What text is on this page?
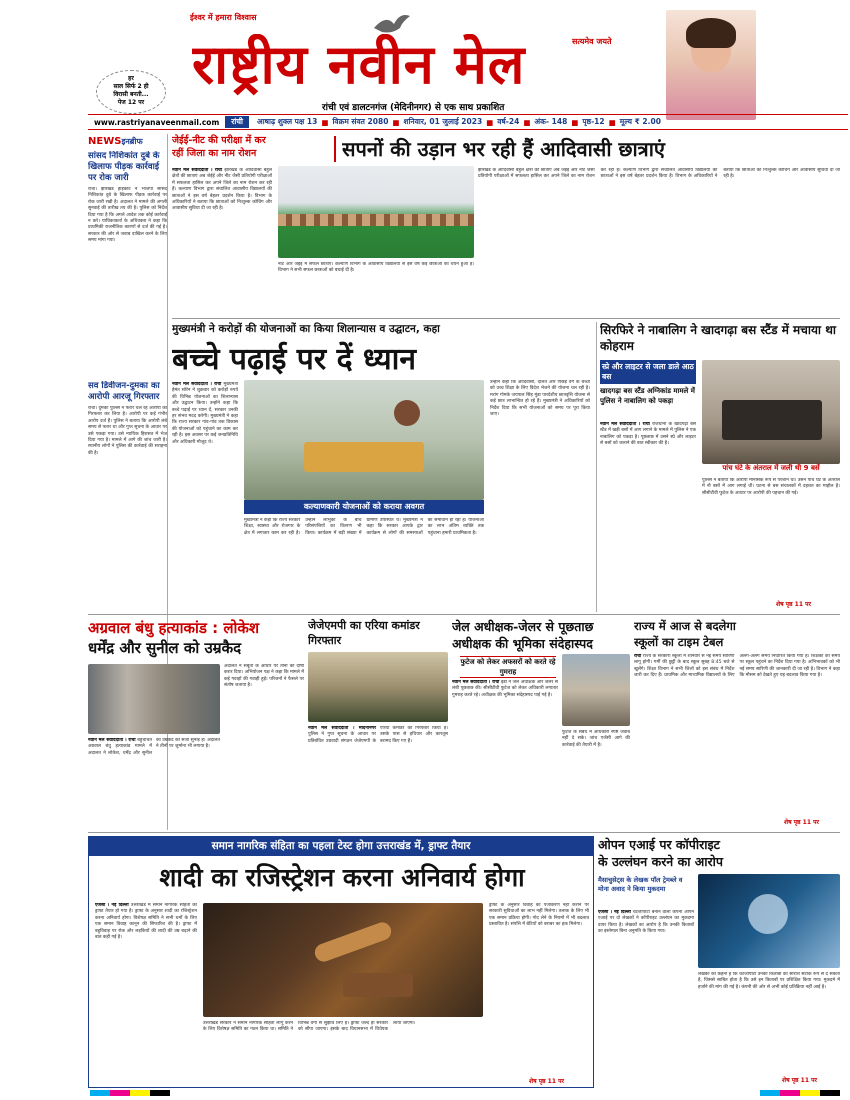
ईश्वर में हमारा विश्वास
हर
साल सिर्फ 2 ही
विरासी बनती...
पेज 12 पर
राष्ट्रीय नवीन मेल	सत्यमेव जयते
रांची एवं डालटनगंज (मेदिनीनगर) से एक साथ प्रकाशित
www.rastriyanaveenmail.com	रांची	आषाढ़ शुक्ल पक्ष 13 ■ विक्रम संवत 2080 ■ शनिवार, 01 जुलाई 2023 ■ वर्ष-24 ■ अंक- 148 ■ पृष्ठ-12 ■ मूल्य ₹ 2.00
NEWSइनब्रीफ
सांसद निशिकांत दुबे के खिलाफ पीड़क कार्रवाई पर रोक जारी
रांची। झारखंड हाईकोर्ट ने भाजपा सांसद निशिकांत दुबे के खिलाफ पीड़क कार्रवाई पर रोक जारी रखी है। अदालत ने मामले की अगली सुनवाई की तारीख तय की है। पुलिस को निर्देश दिया गया है कि अगले आदेश तक कोई कार्रवाई न करे। याचिकाकर्ता के अधिवक्ता ने कहा कि प्राथमिकी राजनीतिक कारणों से दर्ज की गई है। सरकार की ओर से जवाब दाखिल करने के लिए समय मांगा गया।
सव डिवीजन-दुमका का आरोपी आरजू गिरफ्तार
रांची। दुमका पुलिस ने फरार चल रहे आरोपी को गिरफ्तार कर लिया है। आरोपी पर कई गंभीर आरोप दर्ज हैं। पुलिस ने बताया कि आरोपी लंबे समय से फरार था और गुप्त सूचना के आधार पर उसे पकड़ा गया। उसे न्यायिक हिरासत में भेज दिया गया है। मामले में आगे की जांच जारी है। स्थानीय लोगों ने पुलिस की कार्रवाई की सराहना की है।
जेईई-नीट की परीक्षा में कर
रहीं जिला का नाम रोशन	सपनों की उड़ान भर रही हैं आदिवासी छात्राएं
नवीन मेल संवाददाता । रांची झारखंड के आदिवासी बहुल क्षेत्रों की छात्राएं अब जेईई और नीट जैसी प्रतियोगी परीक्षाओं में सफलता हासिल कर अपने जिले का नाम रोशन कर रही हैं। कल्याण विभाग द्वारा संचालित आवासीय विद्यालयों की छात्राओं ने इस वर्ष बेहतर प्रदर्शन किया है। विभाग के अधिकारियों ने बताया कि छात्राओं को निःशुल्क कोचिंग और आवासीय सुविधा दी जा रही है।
नीट और जेईई में सफल छात्राएं। कल्याण विभाग के आवासीय विद्यालयों से इस वर्ष कई छात्राओं का चयन हुआ है। विभाग ने सभी सफल छात्राओं को बधाई दी है।
झारखंड के आदिवासी बहुल क्षेत्रों की छात्राएं अब जेईई और नीट जैसी प्रतियोगी परीक्षाओं में सफलता हासिल कर अपने जिले का नाम रोशन कर रही हैं। कल्याण विभाग द्वारा संचालित आवासीय विद्यालयों की छात्राओं ने इस वर्ष बेहतर प्रदर्शन किया है। विभाग के अधिकारियों ने बताया कि छात्राओं को निःशुल्क कोचिंग और आवासीय सुविधा दी जा रही है।
मुख्यमंत्री ने करोड़ों की योजनाओं का किया शिलान्यास व उद्घाटन, कहा
बच्चे पढ़ाई पर दें ध्यान
नवीन मेल संवाददाता । रांची मुख्यमंत्री हेमंत सोरेन ने शुक्रवार को करोड़ों रुपये की विभिन्न योजनाओं का शिलान्यास और उद्घाटन किया। उन्होंने कहा कि बच्चे पढ़ाई पर ध्यान दें, सरकार उनकी हर संभव मदद करेगी। मुख्यमंत्री ने कहा कि राज्य सरकार गांव-गांव तक विकास की योजनाओं को पहुंचाने का काम कर रही है। इस अवसर पर कई जनप्रतिनिधि और अधिकारी मौजूद थे।
कल्याणकारी योजनाओं को कराया अवगत
मुख्यमंत्री ने कहा कि राज्य सरकार शिक्षा, स्वास्थ्य और रोजगार के क्षेत्र में लगातार काम कर रही है। उन्होंने लाभुकों के बीच परिसंपत्तियों का वितरण भी किया। कार्यक्रम में बड़ी संख्या में ग्रामीण उपस्थित थे। मुख्यमंत्री ने कहा कि सरकार आपके द्वार कार्यक्रम से लोगों की समस्याओं का समाधान हो रहा है। योजनाओं का लाभ अंतिम व्यक्ति तक पहुंचाना हमारी प्राथमिकता है।
उन्होंने कहा कि आदिवासी, दलित और पिछड़े वर्ग के बच्चों को उच्च शिक्षा के लिए विदेश भेजने की योजना चल रही है। मरांग गोमके जयपाल सिंह मुंडा पारदेशीय छात्रवृत्ति योजना से कई छात्र लाभान्वित हो रहे हैं। मुख्यमंत्री ने अधिकारियों को निर्देश दिया कि सभी योजनाओं को समय पर पूरा किया जाए।
सिरफिरे ने नाबालिग ने खादगढ़ा बस स्टैंड में मचाया था कोहराम
स्प्रे और लाइटर से जला डाले आठ बस
खादगढ़ा बस स्टैंड अग्निकांड मामले में पुलिस ने नाबालिग को पकड़ा
नवीन मेल संवाददाता । रांची राजधानी के खादगढ़ा बस स्टैंड में खड़ी बसों में आग लगाने के मामले में पुलिस ने एक नाबालिग को पकड़ा है। पूछताछ में उसने स्प्रे और लाइटर से बसों को जलाने की बात स्वीकार की है।
पांच घंटे के अंतराल में जली थी 9 बसें
पुलिस ने बताया कि आरोपी मानसिक रूप से परेशान था। उसने पांच घंटे के अंतराल में नौ बसों में आग लगाई थी। घटना से बस संचालकों में दहशत का माहौल है। सीसीटीवी फुटेज के आधार पर आरोपी की पहचान की गई।
शेष पृष्ठ 11 पर
अग्रवाल बंधु हत्याकांड : लोकेश
धर्मेंद्र और सुनील को उम्रकैद
नवीन मेल संवाददाता । रांची बहुचर्चित अग्रवाल बंधु हत्याकांड मामले में अदालत ने लोकेश, धर्मेंद्र और सुनील को उम्रकैद की सजा सुनाई है। अदालत ने तीनों पर जुर्माना भी लगाया है।
अदालत ने सबूतों के आधार पर तीनों को दोषी करार दिया। अभियोजन पक्ष ने कहा कि मामले में कई गवाहों की गवाही हुई। परिजनों ने फैसले पर संतोष जताया है।
जेजेएमपी का एरिया कमांडर गिरफ्तार
नवीन मेल संवाददाता । मेदिनीनगर पुलिस ने गुप्त सूचना के आधार पर प्रतिबंधित उग्रवादी संगठन जेजेएमपी के एरिया कमांडर को गिरफ्तार किया है। उसके पास से हथियार और कारतूस बरामद किए गए हैं।
जेल अधीक्षक-जेलर से पूछताछ
अधीक्षक की भूमिका संदेहास्पद
फुटेज को लेकर अफसरों को करते रहे गुमराह
नवीन मेल संवाददाता । रांची ईडी ने जेल अधीक्षक और जेलर से लंबी पूछताछ की। सीसीटीवी फुटेज को लेकर अधिकारी लगातार गुमराह करते रहे। अधीक्षक की भूमिका संदेहास्पद पाई गई है।
फुटेज के संबंध में अधिकारी स्पष्ट जवाब नहीं दे सके। जांच एजेंसी आगे की कार्रवाई की तैयारी में है।
राज्य में आज से बदलेगा
स्कूलों का टाइम टेबल
रांची राज्य के सरकारी स्कूलों में शनिवार से नई समय सारिणी लागू होगी। गर्मी की छुट्टी के बाद स्कूल सुबह 8:45 बजे से खुलेंगे। शिक्षा विभाग ने सभी जिलों को इस संबंध में निर्देश जारी कर दिए हैं। प्राथमिक और माध्यमिक विद्यालयों के लिए अलग-अलग समय निर्धारित किया गया है। शिक्षकों को समय पर स्कूल पहुंचने का निर्देश दिया गया है। अभिभावकों को भी नई समय सारिणी की जानकारी दी जा रही है। विभाग ने कहा कि मौसम को देखते हुए यह बदलाव किया गया है।
शेष पृष्ठ 11 पर
समान नागरिक संहिता का पहला टेस्ट होगा उत्तराखंड में, ड्राफ्ट तैयार
शादी का रजिस्ट्रेशन करना अनिवार्य होगा
एजेंसी । नई दिल्ली उत्तराखंड में समान नागरिक संहिता का ड्राफ्ट तैयार हो गया है। ड्राफ्ट के अनुसार शादी का रजिस्ट्रेशन करना अनिवार्य होगा। विशेषज्ञ समिति ने सभी धर्मों के लिए एक समान विवाह कानून की सिफारिश की है। ड्राफ्ट में बहुविवाह पर रोक और लड़कियों की शादी की उम्र बढ़ाने की बात कही गई है।
उत्तराखंड सरकार ने समान नागरिक संहिता लागू करने के लिए विशेषज्ञ समिति का गठन किया था। समिति ने विभिन्न वर्गों से सुझाव लिए हैं। ड्राफ्ट जल्द ही सरकार को सौंपा जाएगा। इसके बाद विधानसभा में विधेयक लाया जाएगा।
ड्राफ्ट के अनुसार विवाह का पंजीकरण नहीं कराने पर सरकारी सुविधाओं का लाभ नहीं मिलेगा। तलाक के लिए भी एक समान प्रक्रिया होगी। गोद लेने के नियमों में भी बदलाव प्रस्तावित है। संपत्ति में बेटियों को बराबर का हक मिलेगा।
शेष पृष्ठ 11 पर
ओपन एआई पर कॉपीराइट
के उल्लंघन करने का आरोप
मैसाचुसेट्स के लेखक पॉल ट्रेमब्ले व मोना अवाद ने किया मुकदमा
एजेंसी । नई दिल्ली चैटजीपीटी बनाने वाली कंपनी ओपन एआई पर दो लेखकों ने कॉपीराइट उल्लंघन का मुकदमा दायर किया है। लेखकों का आरोप है कि उनकी किताबों का इस्तेमाल बिना अनुमति के किया गया।
लेखकों का कहना है कि चैटजीपीटी उनकी किताबों का सारांश सटीक रूप से दे सकता है, जिससे साबित होता है कि उसे इन किताबों पर प्रशिक्षित किया गया। मुकदमे में हर्जाने की मांग की गई है। कंपनी की ओर से अभी कोई प्रतिक्रिया नहीं आई है।
शेष पृष्ठ 11 पर
